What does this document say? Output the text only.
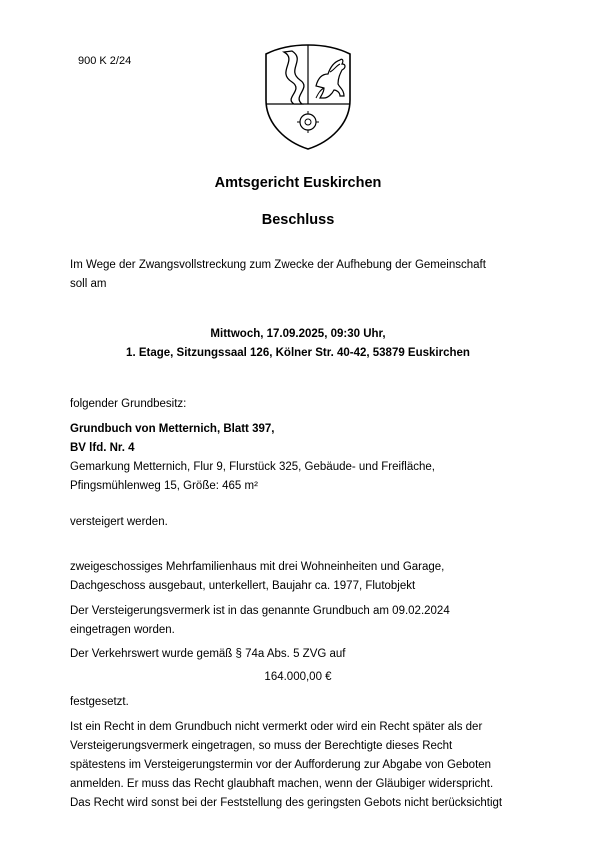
900 K 2/24
Amtsgericht Euskirchen
Beschluss
Im Wege der Zwangsvollstreckung zum Zwecke der Aufhebung der Gemeinschaft
soll am
Mittwoch, 17.09.2025, 09:30 Uhr,
1. Etage, Sitzungssaal 126, Kölner Str. 40-42, 53879 Euskirchen
folgender Grundbesitz:
Grundbuch von Metternich, Blatt 397,
BV lfd. Nr. 4
Gemarkung Metternich, Flur 9, Flurstück 325, Gebäude- und Freifläche,
Pfingsmühlenweg 15, Größe: 465 m²
versteigert werden.
zweigeschossiges Mehrfamilienhaus mit drei Wohneinheiten und Garage,
Dachgeschoss ausgebaut, unterkellert, Baujahr ca. 1977, Flutobjekt
Der Versteigerungsvermerk ist in das genannte Grundbuch am 09.02.2024
eingetragen worden.
Der Verkehrswert wurde gemäß § 74a Abs. 5 ZVG auf
164.000,00 €
festgesetzt.
Ist ein Recht in dem Grundbuch nicht vermerkt oder wird ein Recht später als der
Versteigerungsvermerk eingetragen, so muss der Berechtigte dieses Recht
spätestens im Versteigerungstermin vor der Aufforderung zur Abgabe von Geboten
anmelden. Er muss das Recht glaubhaft machen, wenn der Gläubiger widerspricht.
Das Recht wird sonst bei der Feststellung des geringsten Gebots nicht berücksichtigt
